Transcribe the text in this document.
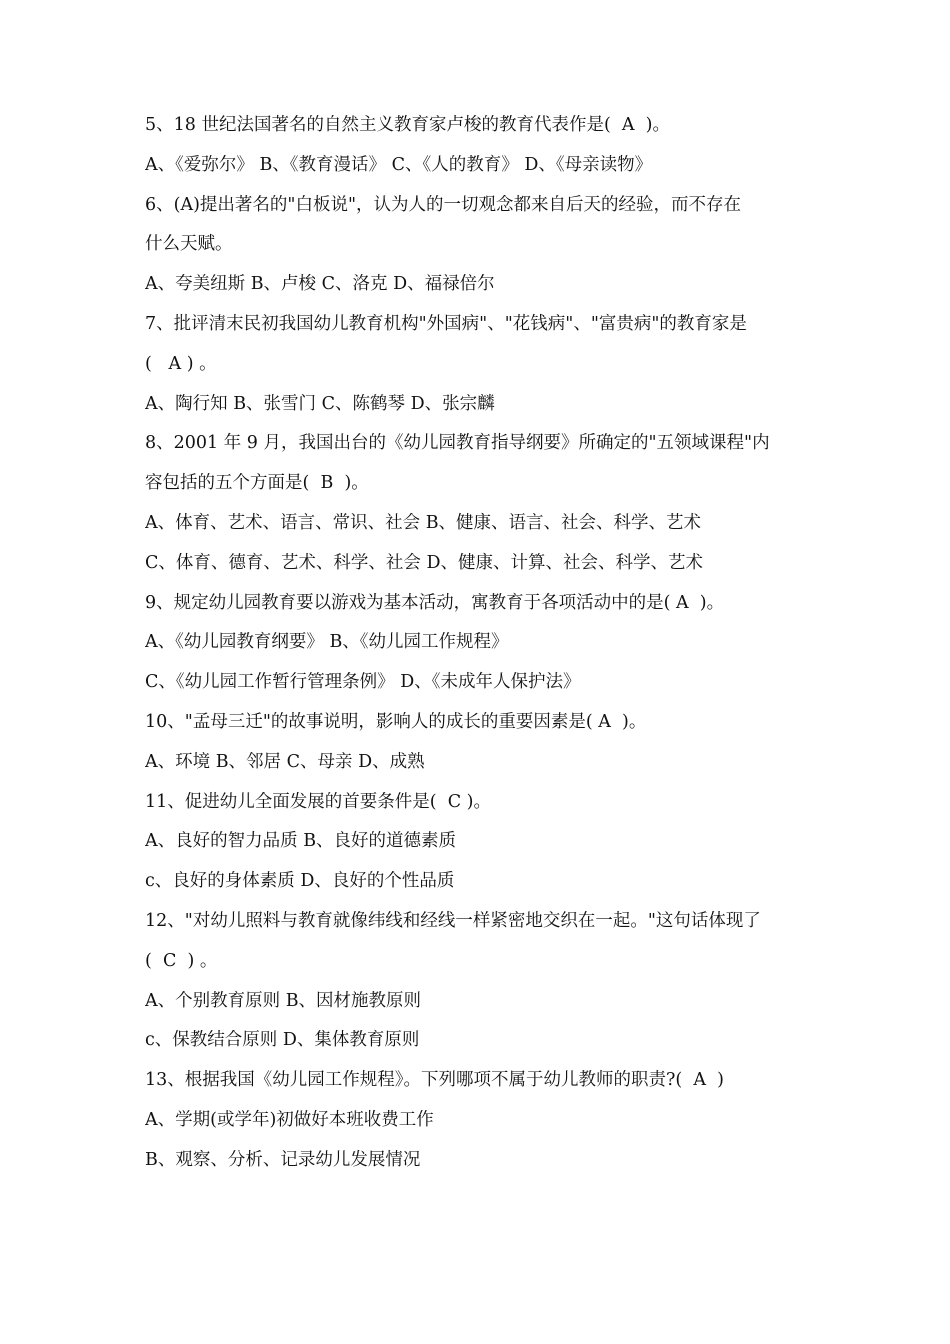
5、18 世纪法国著名的自然主义教育家卢梭的教育代表作是(  A  )。
A、《爱弥尔》 B、《教育漫话》 C、《人的教育》 D、《母亲读物》
6、(A)提出著名的"白板说"，认为人的一切观念都来自后天的经验，而不存在
什么天赋。
A、夸美纽斯 B、卢梭 C、洛克 D、福禄倍尔
7、批评清末民初我国幼儿教育机构"外国病"、"花钱病"、"富贵病"的教育家是
(   A ) 。
A、陶行知 B、张雪门 C、陈鹤琴 D、张宗麟
8、2001 年 9 月，我国出台的《幼儿园教育指导纲要》所确定的"五领域课程"内
容包括的五个方面是(  B  )。
A、体育、艺术、语言、常识、社会 B、健康、语言、社会、科学、艺术
C、体育、德育、艺术、科学、社会 D、健康、计算、社会、科学、艺术
9、规定幼儿园教育要以游戏为基本活动，寓教育于各项活动中的是( A  )。
A、《幼儿园教育纲要》 B、《幼儿园工作规程》
C、《幼儿园工作暂行管理条例》 D、《未成年人保护法》
10、"孟母三迁"的故事说明，影响人的成长的重要因素是( A  )。
A、环境 B、邻居 C、母亲 D、成熟
11、促进幼儿全面发展的首要条件是(  C )。
A、良好的智力品质 B、良好的道德素质
c、良好的身体素质 D、良好的个性品质
12、"对幼儿照料与教育就像纬线和经线一样紧密地交织在一起。"这句话体现了
(  C  ) 。
A、个别教育原则 B、因材施教原则
c、保教结合原则 D、集体教育原则
13、根据我国《幼儿园工作规程》。下列哪项不属于幼儿教师的职责?(  A  )
A、学期(或学年)初做好本班收费工作
B、观察、分析、记录幼儿发展情况
